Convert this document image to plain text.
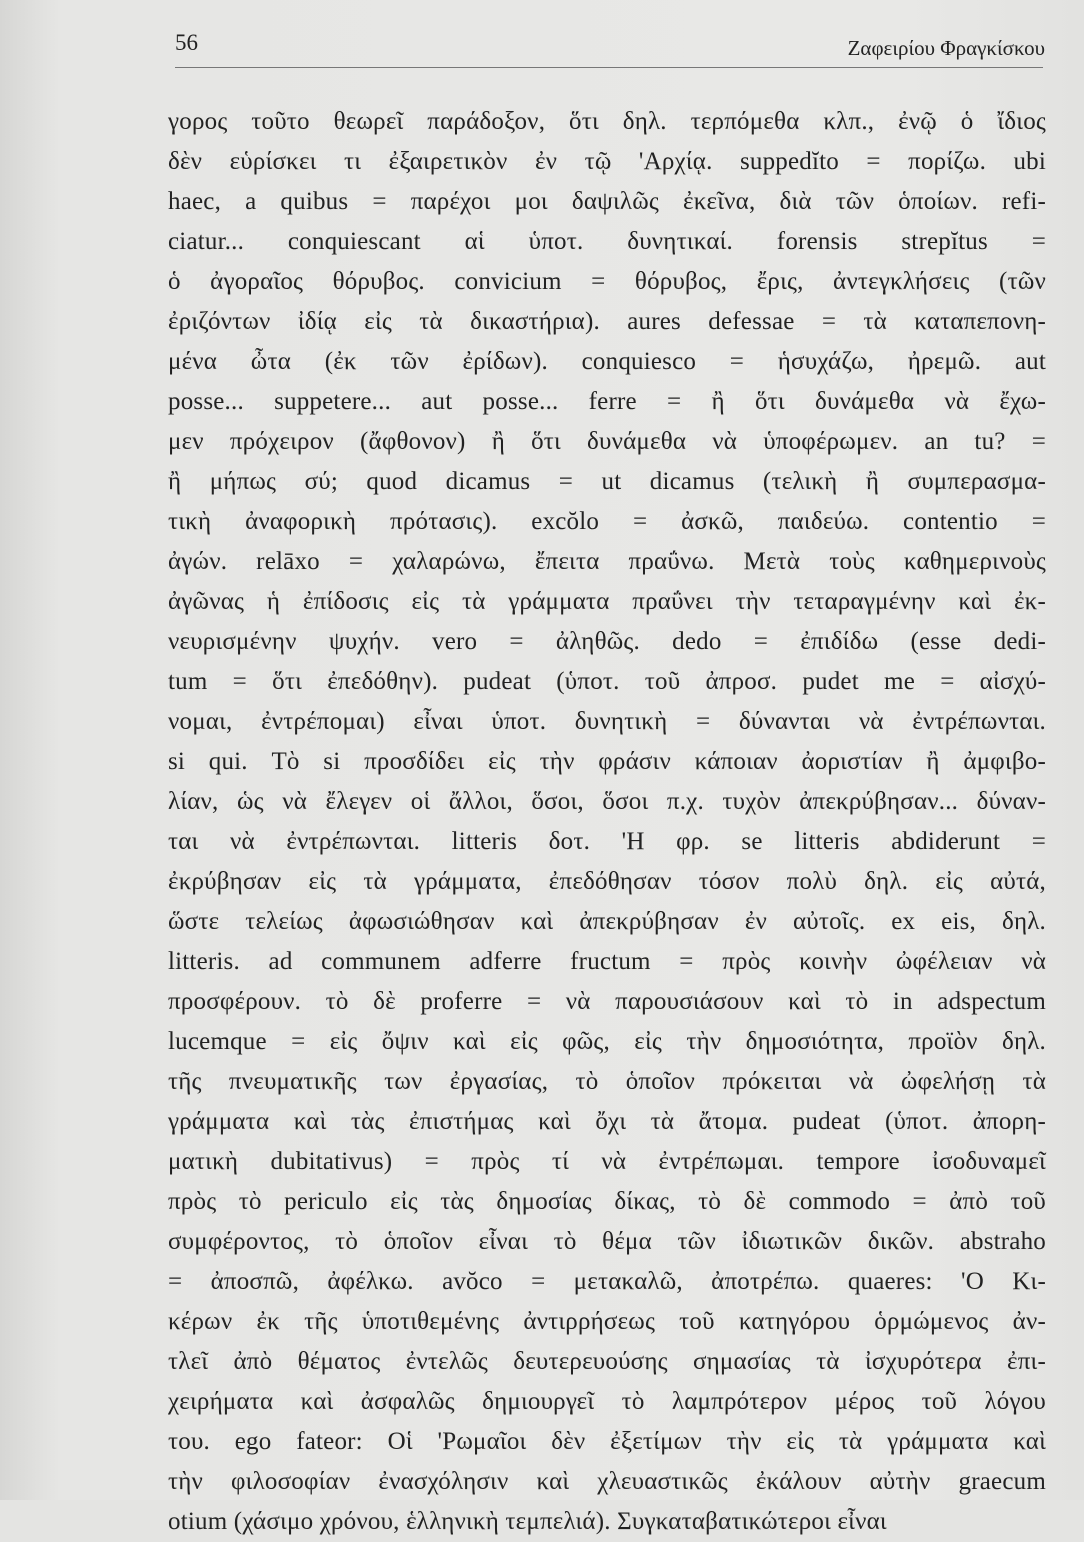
56	Ζαφειρίου Φραγκίσκου
γορος τοῦτο θεωρεῖ παράδοξον, ὅτι δηλ. τερπόμεθα κλπ., ἐνῷ ὁ ἴδιος
δὲν εὑρίσκει τι ἐξαιρετικὸν ἐν τῷ 'Αρχίᾳ. suppedĭto = πορίζω. ubi
haec, a quibus = παρέχοι μοι δαψιλῶς ἐκεῖνα, διὰ τῶν ὁποίων. refi-
ciatur... conquiescant αἱ ὑποτ. δυνητικαί. forensis strepĭtus =
ὁ ἀγοραῖος θόρυβος. convicium = θόρυβος, ἔρις, ἀντεγκλήσεις (τῶν
ἐριζόντων ἰδίᾳ εἰς τὰ δικαστήρια). aures defessae = τὰ καταπεπονη-
μένα ὦτα (ἐκ τῶν ἐρίδων). conquiesco = ἡσυχάζω, ἠρεμῶ. aut
posse... suppetere... aut posse... ferre = ἢ ὅτι δυνάμεθα νὰ ἔχω-
μεν πρόχειρον (ἄφθονον) ἢ ὅτι δυνάμεθα νὰ ὑποφέρωμεν. an tu? =
ἢ μήπως σύ; quod dicamus = ut dicamus (τελικὴ ἢ συμπερασμα-
τικὴ ἀναφορικὴ πρότασις). excŏlo = ἀσκῶ, παιδεύω. contentio =
ἀγών. relāxo = χαλαρώνω, ἔπειτα πραΰνω. Μετὰ τοὺς καθημερινοὺς
ἀγῶνας ἡ ἐπίδοσις εἰς τὰ γράμματα πραΰνει τὴν τεταραγμένην καὶ ἐκ-
νευρισμένην ψυχήν. vero = ἀληθῶς. dedo = ἐπιδίδω (esse dedi-
tum = ὅτι ἐπεδόθην). pudeat (ὑποτ. τοῦ ἀπροσ. pudet me = αἰσχύ-
νομαι, ἐντρέπομαι) εἶναι ὑποτ. δυνητικὴ = δύνανται νὰ ἐντρέπωνται.
si qui. Τὸ si προσδίδει εἰς τὴν φράσιν κάποιαν ἀοριστίαν ἢ ἀμφιβο-
λίαν, ὡς νὰ ἔλεγεν οἱ ἄλλοι, ὅσοι, ὅσοι π.χ. τυχὸν ἀπεκρύβησαν... δύναν-
ται νὰ ἐντρέπωνται. litteris δοτ. 'Η φρ. se litteris abdiderunt =
ἐκρύβησαν εἰς τὰ γράμματα, ἐπεδόθησαν τόσον πολὺ δηλ. εἰς αὐτά,
ὥστε τελείως ἀφωσιώθησαν καὶ ἀπεκρύβησαν ἐν αὐτοῖς. ex eis, δηλ.
litteris. ad communem adferre fructum = πρὸς κοινὴν ὠφέλειαν νὰ
προσφέρουν. τὸ δὲ proferre = νὰ παρουσιάσουν καὶ τὸ in adspectum
lucemque = εἰς ὄψιν καὶ εἰς φῶς, εἰς τὴν δημοσιότητα, προϊὸν δηλ.
τῆς πνευματικῆς των ἐργασίας, τὸ ὁποῖον πρόκειται νὰ ὠφελήσῃ τὰ
γράμματα καὶ τὰς ἐπιστήμας καὶ ὄχι τὰ ἄτομα. pudeat (ὑποτ. ἀπορη-
ματικὴ dubitativus) = πρὸς τί νὰ ἐντρέπωμαι. tempore ἰσοδυναμεῖ
πρὸς τὸ periculo εἰς τὰς δημοσίας δίκας, τὸ δὲ commodo = ἀπὸ τοῦ
συμφέροντος, τὸ ὁποῖον εἶναι τὸ θέμα τῶν ἰδιωτικῶν δικῶν. abstraho
= ἀποσπῶ, ἀφέλκω. avŏco = μετακαλῶ, ἀποτρέπω. quaeres: 'Ο Κι-
κέρων ἐκ τῆς ὑποτιθεμένης ἀντιρρήσεως τοῦ κατηγόρου ὁρμώμενος ἀν-
τλεῖ ἀπὸ θέματος ἐντελῶς δευτερευούσης σημασίας τὰ ἰσχυρότερα ἐπι-
χειρήματα καὶ ἀσφαλῶς δημιουργεῖ τὸ λαμπρότερον μέρος τοῦ λόγου
του. ego fateor: Οἱ 'Ρωμαῖοι δὲν ἐξετίμων τὴν εἰς τὰ γράμματα καὶ
τὴν φιλοσοφίαν ἐνασχόλησιν καὶ χλευαστικῶς ἐκάλουν αὐτὴν graecum
otium (χάσιμο χρόνου, ἑλληνικὴ τεμπελιά). Συγκαταβατικώτεροι εἶναι
